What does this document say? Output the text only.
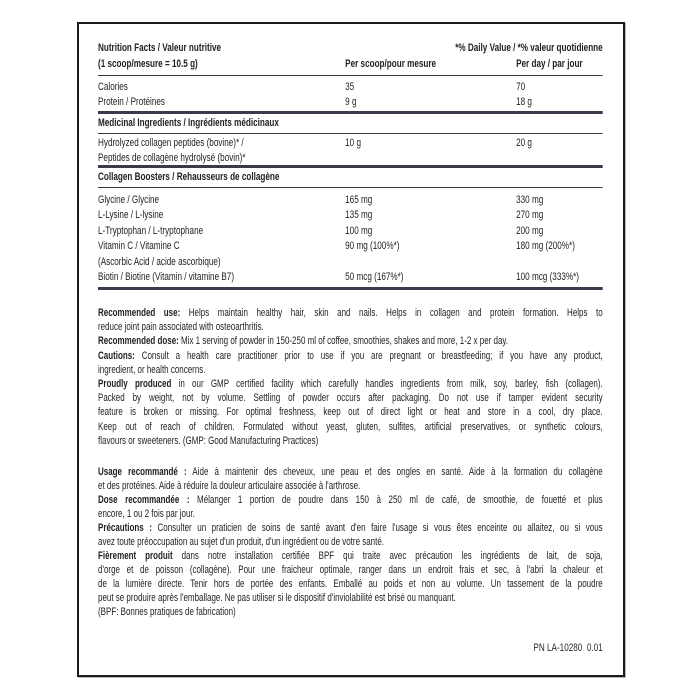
Nutrition Facts / Valeur nutritive	*% Daily Value / *% valeur quotidienne
(1 scoop/mesure = 10.5 g)	Per scoop/pour mesure	Per day / par jour
Calories	35	70
Protein / Protéines	9 g	18 g
Medicinal Ingredients / Ingrédients médicinaux
Hydrolyzed collagen peptides (bovine)* /	10 g	20 g
Peptides de collagène hydrolysé (bovin)*
Collagen Boosters / Rehausseurs de collagène
Glycine / Glycine	165 mg	330 mg
L-Lysine / L-lysine	135 mg	270 mg
L-Tryptophan / L-tryptophane	100 mg	200 mg
Vitamin C / Vitamine C	90 mg (100%*)	180 mg (200%*)
(Ascorbic Acid / acide ascorbique)
Biotin / Biotine (Vitamin / vitamine B7)	50 mcg (167%*)	100 mcg (333%*)
Recommended use: Helps maintain healthy hair, skin and nails. Helps in collagen and protein formation. Helps to
reduce joint pain associated with osteoarthritis.
Recommended dose: Mix 1 serving of powder in 150-250 ml of coffee, smoothies, shakes and more, 1-2 x per day.
Cautions: Consult a health care practitioner prior to use if you are pregnant or breastfeeding; if you have any product,
ingredient, or health concerns.
Proudly produced in our GMP certified facility which carefully handles ingredients from milk, soy, barley, fish (collagen).
Packed by weight, not by volume. Settling of powder occurs after packaging. Do not use if tamper evident security
feature is broken or missing. For optimal freshness, keep out of direct light or heat and store in a cool, dry place.
Keep out of reach of children. Formulated without yeast, gluten, sulfites, artificial preservatives, or synthetic colours,
flavours or sweeteners. (GMP: Good Manufacturing Practices)
Usage recommandé : Aide à maintenir des cheveux, une peau et des ongles en santé. Aide à la formation du collagène
et des protéines. Aide à réduire la douleur articulaire associée à l'arthrose.
Dose recommandée : Mélanger 1 portion de poudre dans 150 à 250 ml de café, de smoothie, de fouetté et plus
encore, 1 ou 2 fois par jour.
Précautions : Consulter un praticien de soins de santé avant d'en faire l'usage si vous êtes enceinte ou allaitez, ou si vous
avez toute préoccupation au sujet d'un produit, d'un ingrédient ou de votre santé.
Fièrement produit dans notre installation certifiée BPF qui traite avec précaution les ingrédients de lait, de soja,
d'orge et de poisson (collagène). Pour une fraicheur optimale, ranger dans un endroit frais et sec, à l'abri la chaleur et
de la lumière directe. Tenir hors de portée des enfants. Emballé au poids et non au volume. Un tassement de la poudre
peut se produire après l'emballage. Ne pas utiliser si le dispositif d'inviolabilité est brisé ou manquant.
(BPF: Bonnes pratiques de fabrication)
PN LA-10280  0.01
